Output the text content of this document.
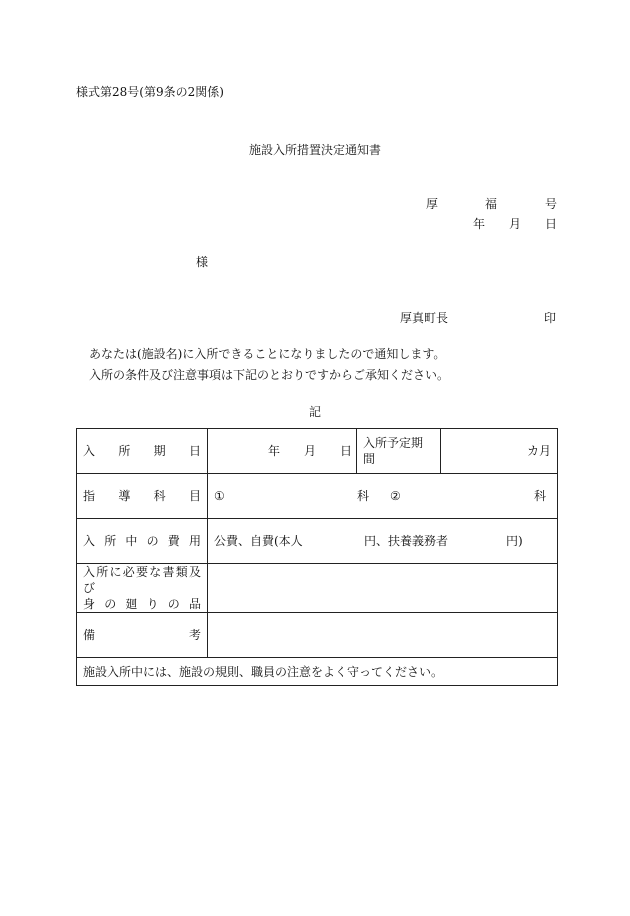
様式第28号(第9条の2関係)
施設入所措置決定通知書
厚	福	号
年 月 日
様
厚真町長	印
あなたは(施設名)に入所できることになりましたので通知します。
入所の条件及び注意事項は下記のとおりですからご承知ください。
記
入所期日	年 月 日	入所予定期間	カ月
指導科目	① 科 ② 科		

入所中の費用	公費、自費(本人 円、扶養義務者 円)		

入所に必要な書類及び
身の廻りの品			

備考			
施設入所中には、施設の規則、職員の注意をよく守ってください。			
